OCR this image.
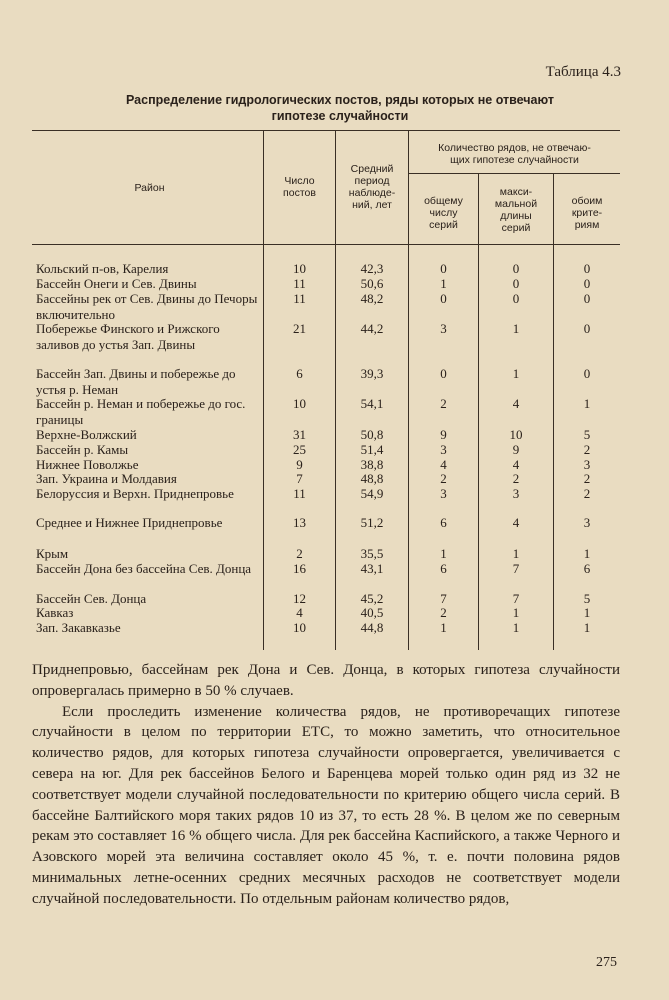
Таблица 4.3
Распределение гидрологических постов, ряды которых не отвечают
гипотезе случайности
Район
Число
постов
Средний
период
наблюде-
ний, лет
Количество рядов, не отвечаю-
щих гипотезе случайности
общему
числу
серий
макси-
мальной
длины
серий
обоим
крите-
риям
Кольский п-ов, Карелия	10	42,3	0	0	0
Бассейн Онеги и Сев. Двины	11	50,6	1	0	0
Бассейны рек от Сев. Двины до Печоры включительно
11	48,2	0	0	0
Побережье Финского и Рижского заливов до устья Зап. Двины
21	44,2	3	1	0
Бассейн Зап. Двины и побережье до устья р. Неман
6	39,3	0	1	0
Бассейн р. Неман и побережье до гос. границы
10	54,1	2	4	1
Верхне-Волжский	31	50,8	9	10	5
Бассейн р. Камы	25	51,4	3	9	2
Нижнее Поволжье	9	38,8	4	4	3
Зап. Украина и Молдавия	7	48,8	2	2	2
Белоруссия и Верхн. Приднепровье	11	54,9	3	3	2
Среднее и Нижнее Приднепровье	13	51,2	6	4	3
Крым	2	35,5	1	1	1
Бассейн Дона без бассейна Сев. Донца	16	43,1	6	7	6
Бассейн Сев. Донца	12	45,2	7	7	5
Кавказ	4	40,5	2	1	1
Зап. Закавказье	10	44,8	1	1	1

Приднепровью, бассейнам рек Дона и Сев. Донца, в которых гипотеза случайности опровергалась примерно в 50 % случаев.

Если проследить изменение количества рядов, не противоречащих гипотезе случайности в целом по территории ЕТС, то можно заметить, что относительное количество рядов, для которых гипотеза случайности опровергается, увеличивается с севера на юг. Для рек бассейнов Белого и Баренцева морей только один ряд из 32 не соответствует модели случайной последовательности по критерию общего числа серий. В бассейне Балтийского моря таких рядов 10 из 37, то есть 28 %. В целом же по северным рекам это составляет 16 % общего числа. Для рек бассейна Каспийского, а также Черного и Азовского морей эта величина составляет около 45 %, т. е. почти половина рядов минимальных летне-осенних средних месячных расходов не соответствует модели случайной последовательности. По отдельным районам количество рядов,

275
